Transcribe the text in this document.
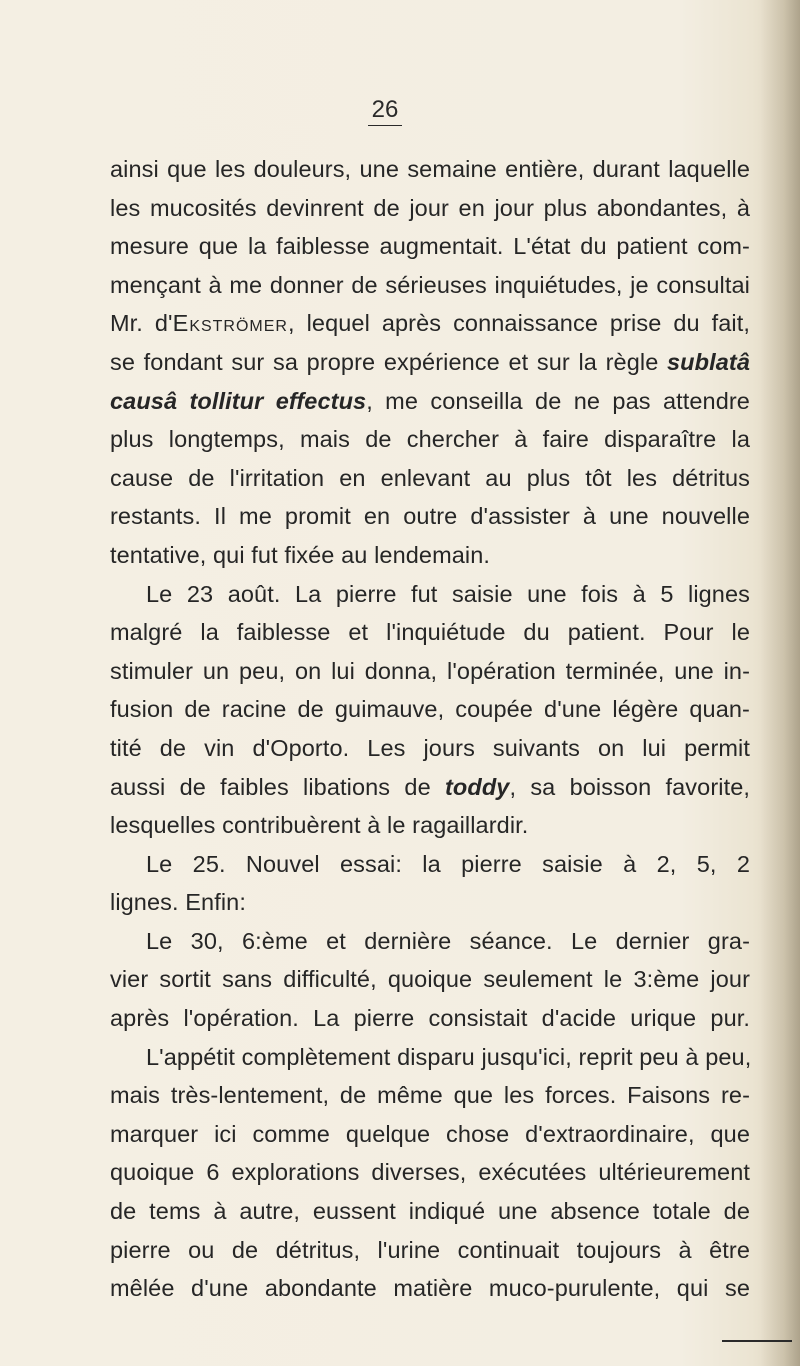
26
ainsi que les douleurs, une semaine entière, durant laquelle
les mucosités devinrent de jour en jour plus abondantes, à
mesure que la faiblesse augmentait. L'état du patient com-
mençant à me donner de sérieuses inquiétudes, je consultai
Mr. d'Ekströmer, lequel après connaissance prise du fait,
se fondant sur sa propre expérience et sur la règle sublatâ
causâ tollitur effectus, me conseilla de ne pas attendre
plus longtemps, mais de chercher à faire disparaître la
cause de l'irritation en enlevant au plus tôt les détritus
restants. Il me promit en outre d'assister à une nouvelle
tentative, qui fut fixée au lendemain.
Le 23 août. La pierre fut saisie une fois à 5 lignes
malgré la faiblesse et l'inquiétude du patient. Pour le
stimuler un peu, on lui donna, l'opération terminée, une in-
fusion de racine de guimauve, coupée d'une légère quan-
tité de vin d'Oporto. Les jours suivants on lui permit
aussi de faibles libations de toddy, sa boisson favorite,
lesquelles contribuèrent à le ragaillardir.
Le 25. Nouvel essai: la pierre saisie à 2, 5, 2
lignes. Enfin:
Le 30, 6:ème et dernière séance. Le dernier gra-
vier sortit sans difficulté, quoique seulement le 3:ème jour
après l'opération. La pierre consistait d'acide urique pur.
L'appétit complètement disparu jusqu'ici, reprit peu à peu,
mais très-lentement, de même que les forces. Faisons re-
marquer ici comme quelque chose d'extraordinaire, que
quoique 6 explorations diverses, exécutées ultérieurement
de tems à autre, eussent indiqué une absence totale de
pierre ou de détritus, l'urine continuait toujours à être
mêlée d'une abondante matière muco-purulente, qui se
